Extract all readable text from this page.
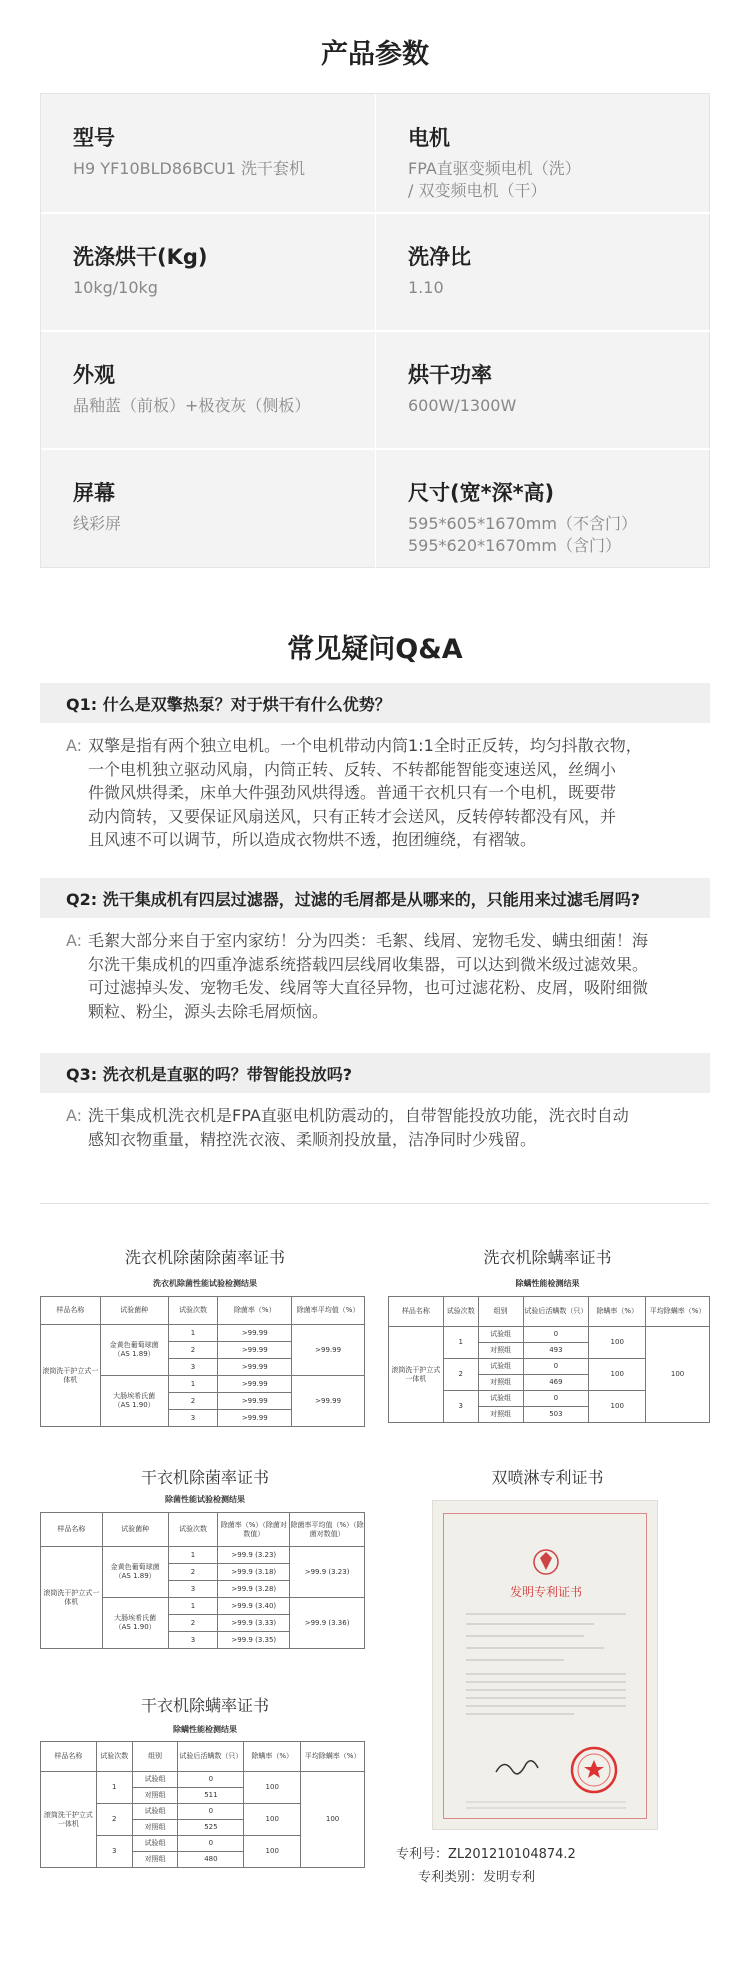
产品参数
型号
H9 YF10BLD86BCU1 洗干套机
电机
FPA直驱变频电机（洗）
/ 双变频电机（干）
洗涤烘干(Kg)
10kg/10kg
洗净比
1.10
外观
晶釉蓝（前板）+极夜灰（侧板）
烘干功率
600W/1300W
屏幕
线彩屏
尺寸(宽*深*高)
595*605*1670mm（不含门）
595*620*1670mm（含门）
常见疑问Q&A
Q1: 什么是双擎热泵？对于烘干有什么优势？
A: 双擎是指有两个独立电机。一个电机带动内筒1:1全时正反转，均匀抖散衣物，
一个电机独立驱动风扇，内筒正转、反转、不转都能智能变速送风，丝绸小
件微风烘得柔，床单大件强劲风烘得透。普通干衣机只有一个电机，既要带
动内筒转，又要保证风扇送风，只有正转才会送风，反转停转都没有风，并
且风速不可以调节，所以造成衣物烘不透，抱团缠绕，有褶皱。
Q2: 洗干集成机有四层过滤器，过滤的毛屑都是从哪来的，只能用来过滤毛屑吗?
A: 毛絮大部分来自于室内家纺！分为四类：毛絮、线屑、宠物毛发、螨虫细菌！海
尔洗干集成机的四重净滤系统搭载四层线屑收集器，可以达到微米级过滤效果。
可过滤掉头发、宠物毛发、线屑等大直径异物，也可过滤花粉、皮屑，吸附细微
颗粒、粉尘，源头去除毛屑烦恼。
Q3: 洗衣机是直驱的吗？带智能投放吗?
A: 洗干集成机洗衣机是FPA直驱电机防震动的，自带智能投放功能，洗衣时自动
感知衣物重量，精控洗衣液、柔顺剂投放量，洁净同时少残留。
洗衣机除菌除菌率证书
洗衣机除菌性能试验检测结果
样品名称	试验菌种	试验次数	除菌率（%）	除菌率平均值（%）
滚筒洗干护立式一体机	金黄色葡萄球菌
（AS 1.89）	1	>99.99	>99.99
		2	>99.99	
		3	>99.99	

	大肠埃希氏菌
（AS 1.90）	1	>99.99	>99.99
		2	>99.99	
		3	>99.99	
洗衣机除螨率证书
除螨性能检测结果
样品名称	试验次数	组别	试验后活螨数（只）	除螨率（%）	平均除螨率（%）
滚筒洗干护立式一体机	1	试验组	0	100	100
		对照组	493		
	2	试验组	0	100	
		对照组	469		
	3	试验组	0	100	
		对照组	503		
干衣机除菌率证书
除菌性能试验检测结果
样品名称	试验菌种	试验次数	除菌率（%）（除菌对数值）	除菌率平均值（%）（除菌对数值）
滚筒洗干护立式一体机	金黄色葡萄球菌
（AS 1.89）	1	>99.9 (3.23)	>99.9 (3.23)
		2	>99.9 (3.18)	
		3	>99.9 (3.28)	

	大肠埃希氏菌
（AS 1.90）	1	>99.9 (3.40)	>99.9 (3.36)
		2	>99.9 (3.33)	
		3	>99.9 (3.35)	
干衣机除螨率证书
除螨性能检测结果
样品名称	试验次数	组别	试验后活螨数（只）	除螨率（%）	平均除螨率（%）
滚筒洗干护立式一体机	1	试验组	0	100	100
		对照组	511		
	2	试验组	0	100	
		对照组	525		
	3	试验组	0	100	
		对照组	480		
双喷淋专利证书
发明专利证书
专利号：ZL201210104874.2
专利类别：发明专利
